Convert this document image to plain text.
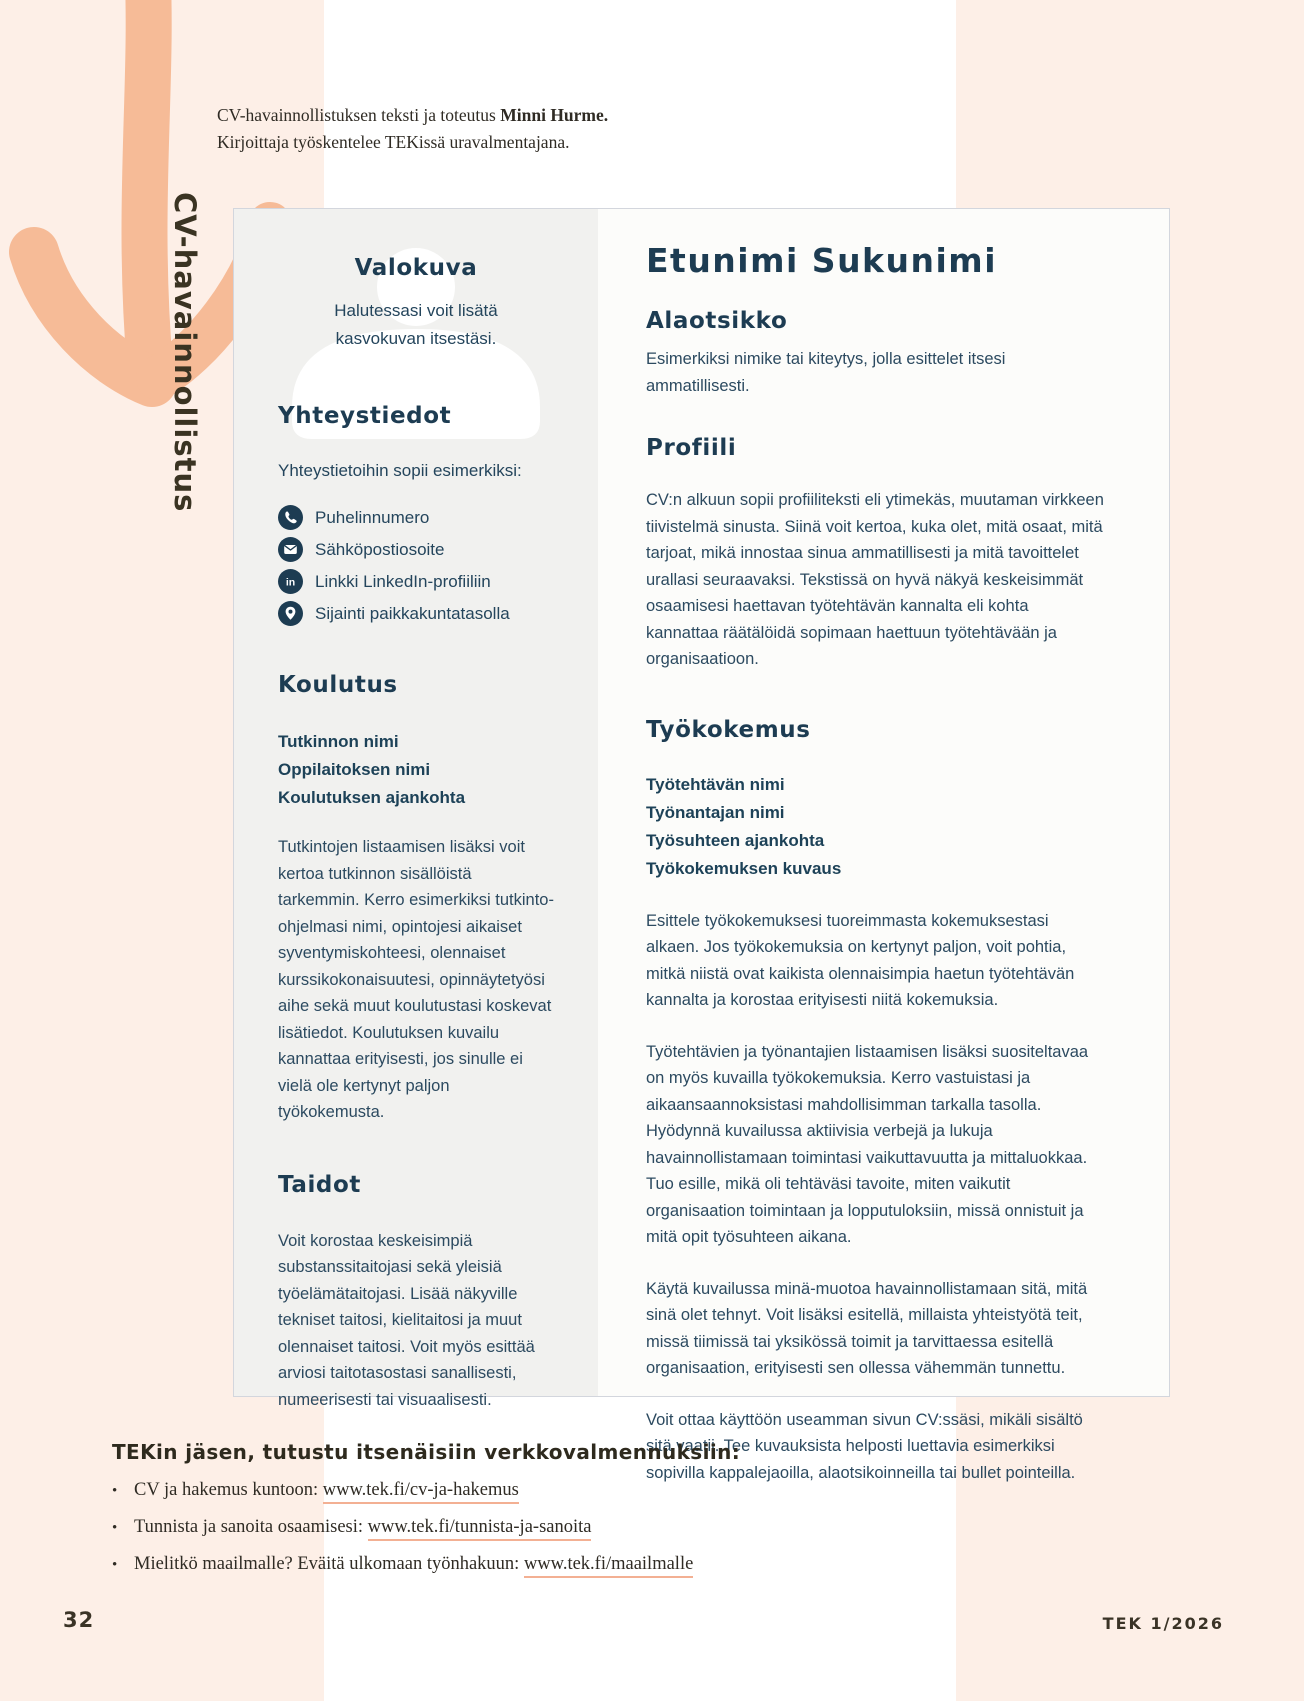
CV-havainnollistus
CV-havainnollistuksen teksti ja toteutus Minni Hurme.
Kirjoittaja työskentelee TEKissä uravalmentajana.
Valokuva
Halutessasi voit lisätä kasvokuvan itsestäsi.
Yhteystiedot
Yhteystietoihin sopii esimerkiksi:
Puhelinnumero
Sähköpostiosoite
in Linkki LinkedIn-profiiliin
Sijainti paikkakuntatasolla
Koulutus
Tutkinnon nimi
Oppilaitoksen nimi
Koulutuksen ajankohta
Tutkintojen listaamisen lisäksi voit kertoa tutkinnon sisällöistä tarkemmin. Kerro esimerkiksi tutkinto-ohjelmasi nimi, opintojesi aikaiset syventymiskohteesi, olennaiset kurssikokonaisuutesi, opinnäytetyösi aihe sekä muut koulutustasi koskevat lisätiedot. Koulutuksen kuvailu kannattaa erityisesti, jos sinulle ei vielä ole kertynyt paljon työkokemusta.
Taidot
Voit korostaa keskeisimpiä substanssitaitojasi sekä yleisiä työelämätaitojasi. Lisää näkyville tekniset taitosi, kielitaitosi ja muut olennaiset taitosi. Voit myös esittää arviosi taitotasostasi sanallisesti, numeerisesti tai visuaalisesti.
Etunimi Sukunimi
Alaotsikko
Esimerkiksi nimike tai kiteytys, jolla esittelet itsesi ammatillisesti.
Profiili
CV:n alkuun sopii profiiliteksti eli ytimekäs, muutaman virkkeen tiivistelmä sinusta. Siinä voit kertoa, kuka olet, mitä osaat, mitä tarjoat, mikä innostaa sinua ammatillisesti ja mitä tavoittelet urallasi seuraavaksi. Tekstissä on hyvä näkyä keskeisimmät osaamisesi haettavan työtehtävän kannalta eli kohta kannattaa räätälöidä sopimaan haettuun työtehtävään ja organisaatioon.
Työkokemus
Työtehtävän nimi
Työnantajan nimi
Työsuhteen ajankohta
Työkokemuksen kuvaus
Esittele työkokemuksesi tuoreimmasta kokemuksestasi alkaen. Jos työkokemuksia on kertynyt paljon, voit pohtia, mitkä niistä ovat kaikista olennaisimpia haetun työtehtävän kannalta ja korostaa erityisesti niitä kokemuksia.
Työtehtävien ja työnantajien listaamisen lisäksi suositeltavaa on myös kuvailla työkokemuksia. Kerro vastuistasi ja aikaansaannoksistasi mahdollisimman tarkalla tasolla. Hyödynnä kuvailussa aktiivisia verbejä ja lukuja havainnollistamaan toimintasi vaikuttavuutta ja mittaluokkaa. Tuo esille, mikä oli tehtäväsi tavoite, miten vaikutit organisaation toimintaan ja lopputuloksiin, missä onnistuit ja mitä opit työsuhteen aikana.
Käytä kuvailussa minä-muotoa havainnollistamaan sitä, mitä sinä olet tehnyt. Voit lisäksi esitellä, millaista yhteistyötä teit, missä tiimissä tai yksikössä toimit ja tarvittaessa esitellä organisaation, erityisesti sen ollessa vähemmän tunnettu.
Voit ottaa käyttöön useamman sivun CV:ssäsi, mikäli sisältö sitä vaatii. Tee kuvauksista helposti luettavia esimerkiksi sopivilla kappalejaoilla, alaotsikoinneilla tai bullet pointeilla.
TEKin jäsen, tutustu itsenäisiin verkkovalmennuksiin:
• CV ja hakemus kuntoon:
www.tek.fi/cv-ja-hakemus
• Tunnista ja sanoita osaamisesi:
www.tek.fi/tunnista-ja-sanoita
• Mielitkö maailmalle? Eväitä ulkomaan työnhakuun:
www.tek.fi/maailmalle
32	TEK 1/2026
